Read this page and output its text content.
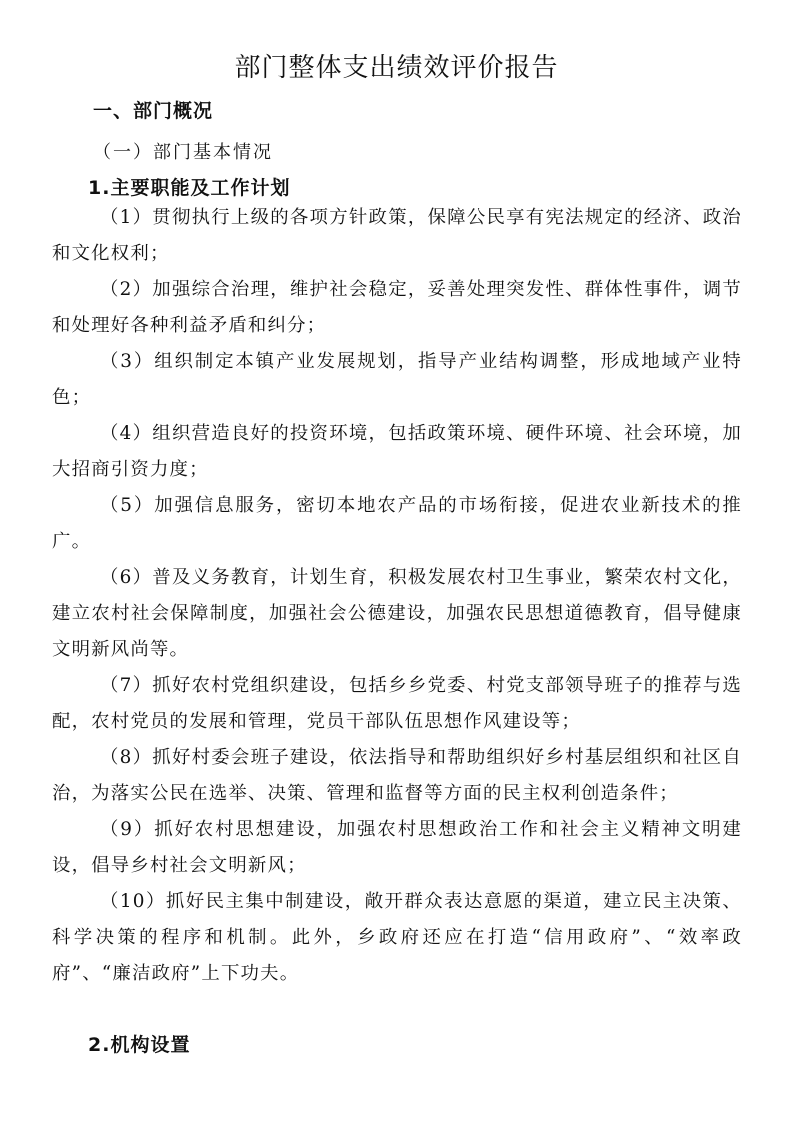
部门整体支出绩效评价报告
一、部门概况
（一）部门基本情况
1.主要职能及工作计划

（1）贯彻执行上级的各项方针政策，保障公民享有宪法规定的经济、政治和文化权利；

（2）加强综合治理，维护社会稳定，妥善处理突发性、群体性事件，调节和处理好各种利益矛盾和纠分；

（3）组织制定本镇产业发展规划，指导产业结构调整，形成地域产业特色；

（4）组织营造良好的投资环境，包括政策环境、硬件环境、社会环境，加大招商引资力度；

（5）加强信息服务，密切本地农产品的市场衔接，促进农业新技术的推广。

（6）普及义务教育，计划生育，积极发展农村卫生事业，繁荣农村文化，建立农村社会保障制度，加强社会公德建设，加强农民思想道德教育，倡导健康文明新风尚等。

（7）抓好农村党组织建设，包括乡乡党委、村党支部领导班子的推荐与选配，农村党员的发展和管理，党员干部队伍思想作风建设等；

（8）抓好村委会班子建设，依法指导和帮助组织好乡村基层组织和社区自治，为落实公民在选举、决策、管理和监督等方面的民主权利创造条件；

（9）抓好农村思想建设，加强农村思想政治工作和社会主义精神文明建设，倡导乡村社会文明新风；

（10）抓好民主集中制建设，敞开群众表达意愿的渠道，建立民主决策、科学决策的程序和机制。此外，乡政府还应在打造“信用政府”、“效率政府”、“廉洁政府”上下功夫。

2.机构设置
